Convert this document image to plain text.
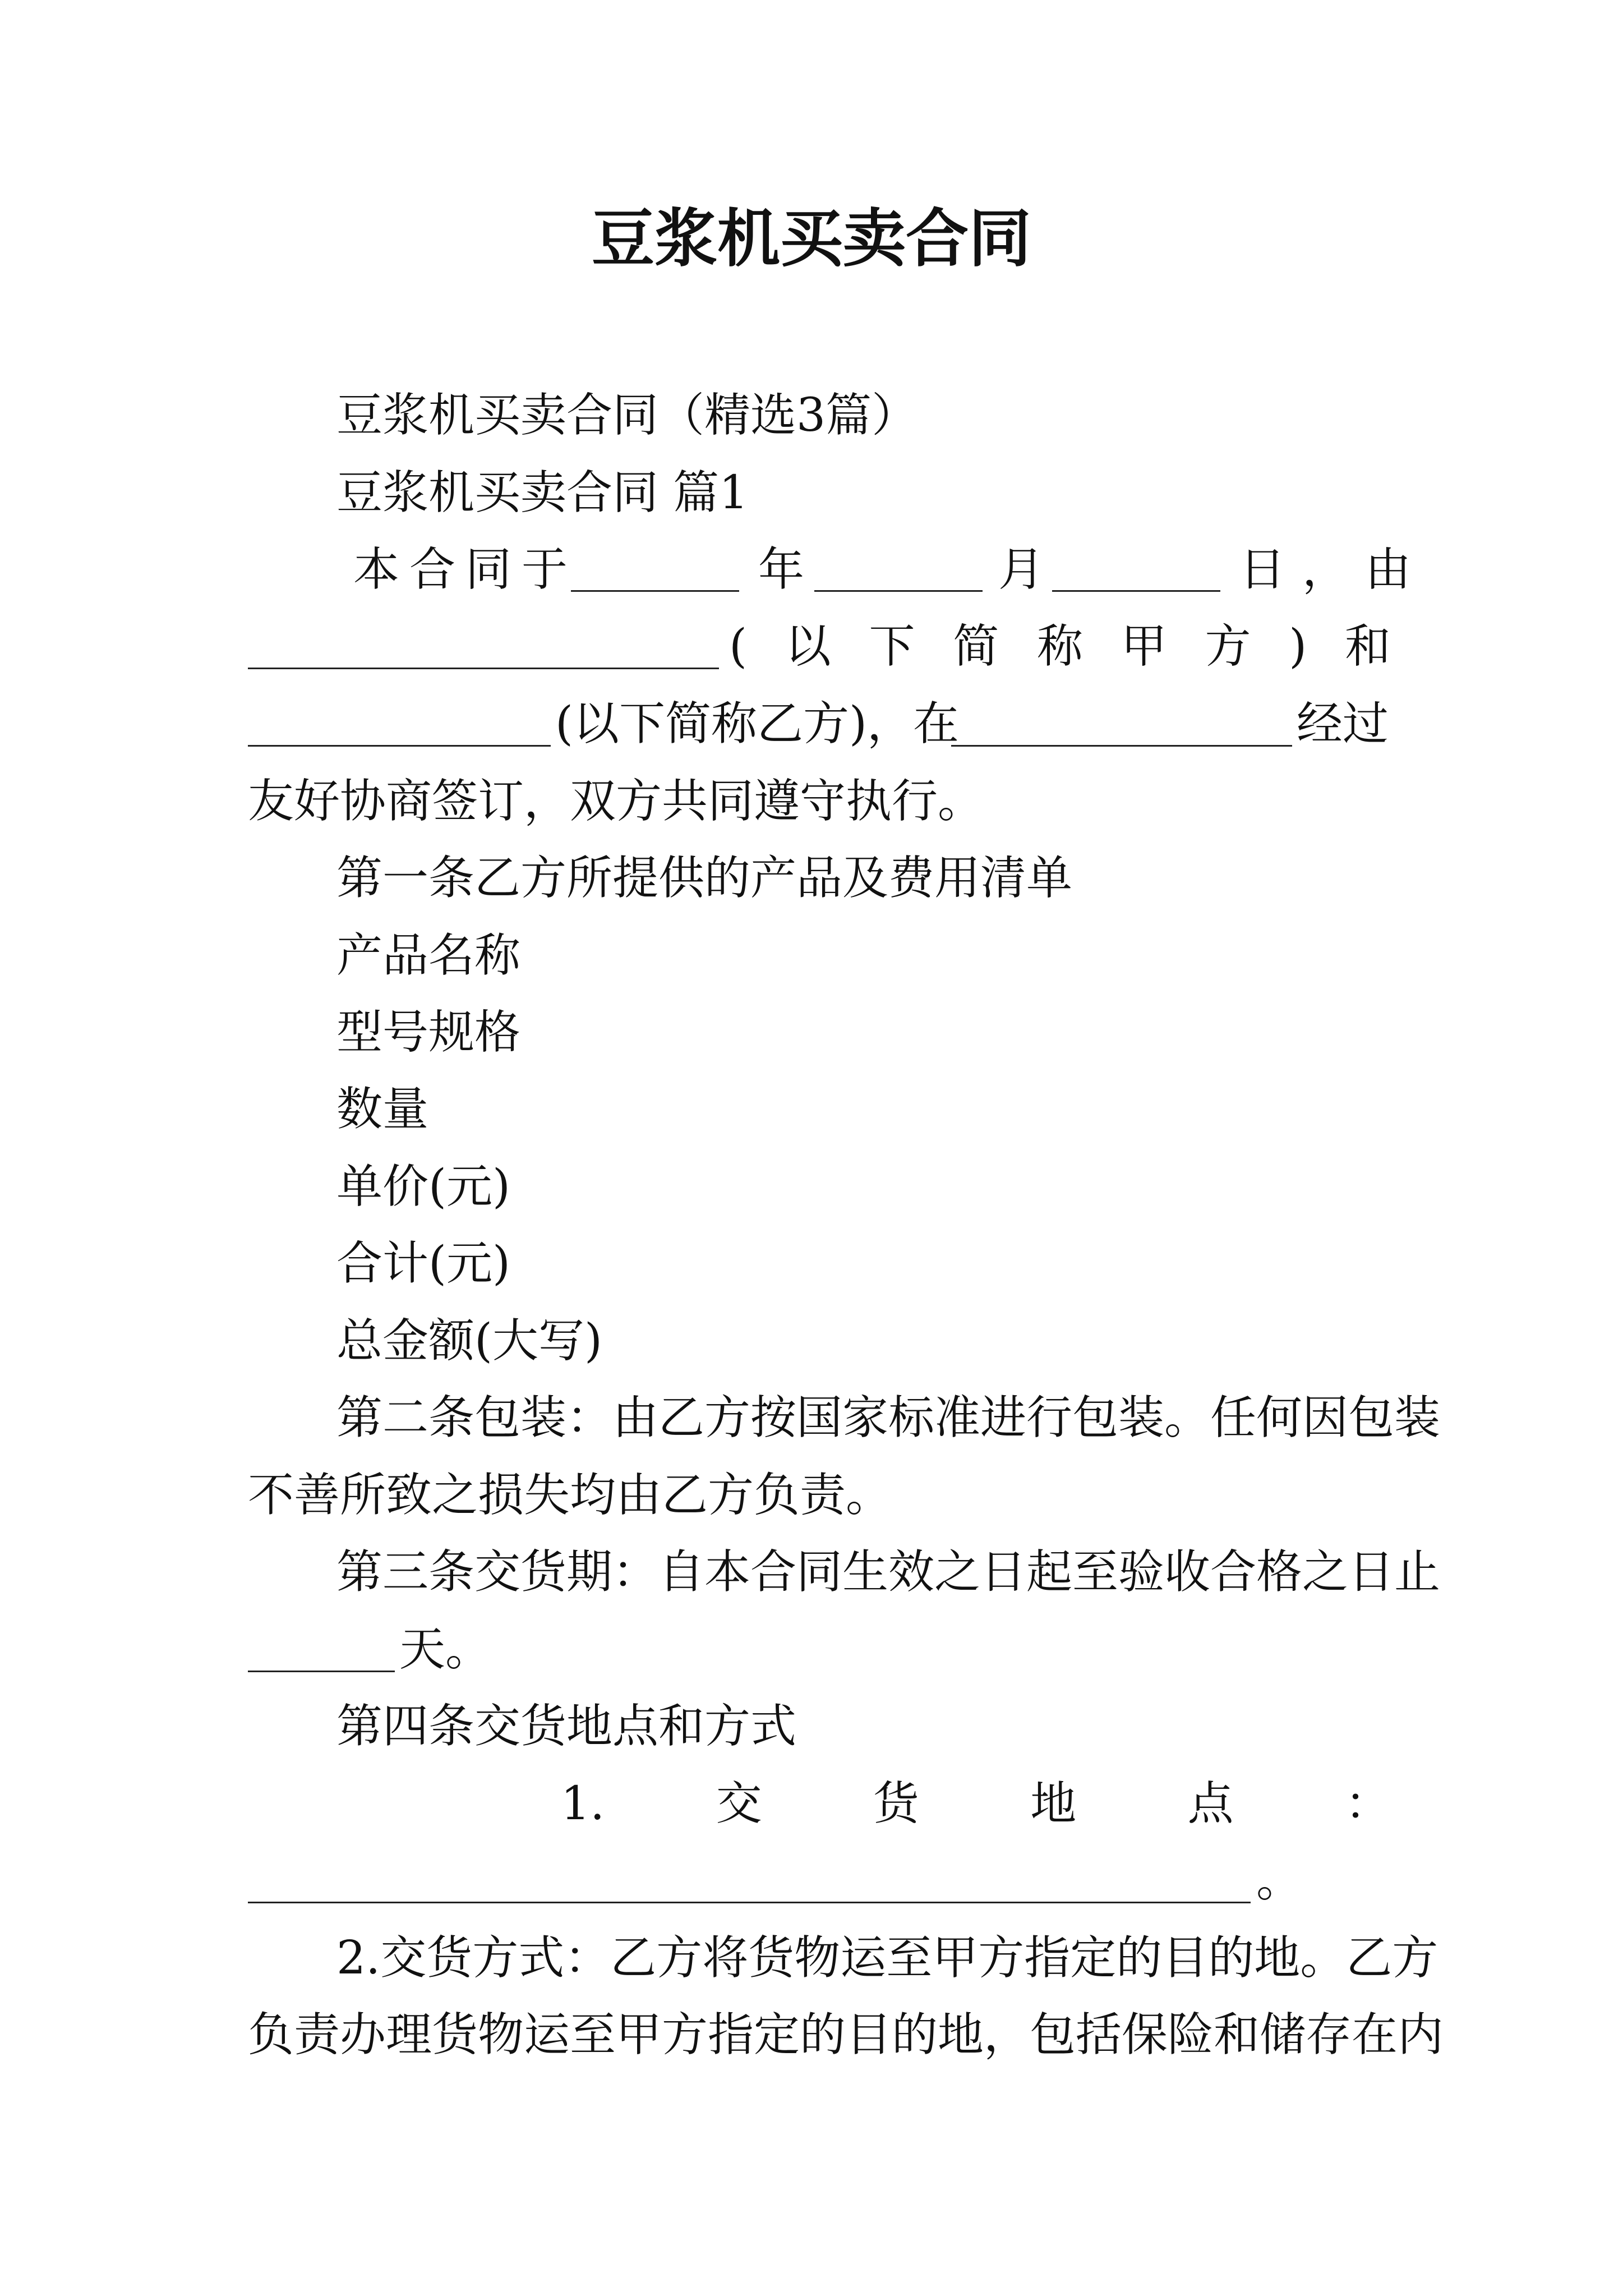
豆浆机买卖合同
豆浆机买卖合同（精选3篇）
豆浆机买卖合同 篇1
本合同于	年	月	日，由
( 以 下 简 称 甲 方 ) 和
(以下简称乙方)，在	经过
友好协商签订，双方共同遵守执行。
第一条乙方所提供的产品及费用清单
产品名称
型号规格
数量
单价(元)
合计(元)
总金额(大写)
第二条包装：由乙方按国家标准进行包装。任何因包装
不善所致之损失均由乙方负责。
第三条交货期：自本合同生效之日起至验收合格之日止
天。
第四条交货地点和方式
1. 交 货 地 点 ：
。
2.交货方式：乙方将货物运至甲方指定的目的地。乙方
负责办理货物运至甲方指定的目的地，包括保险和储存在内
